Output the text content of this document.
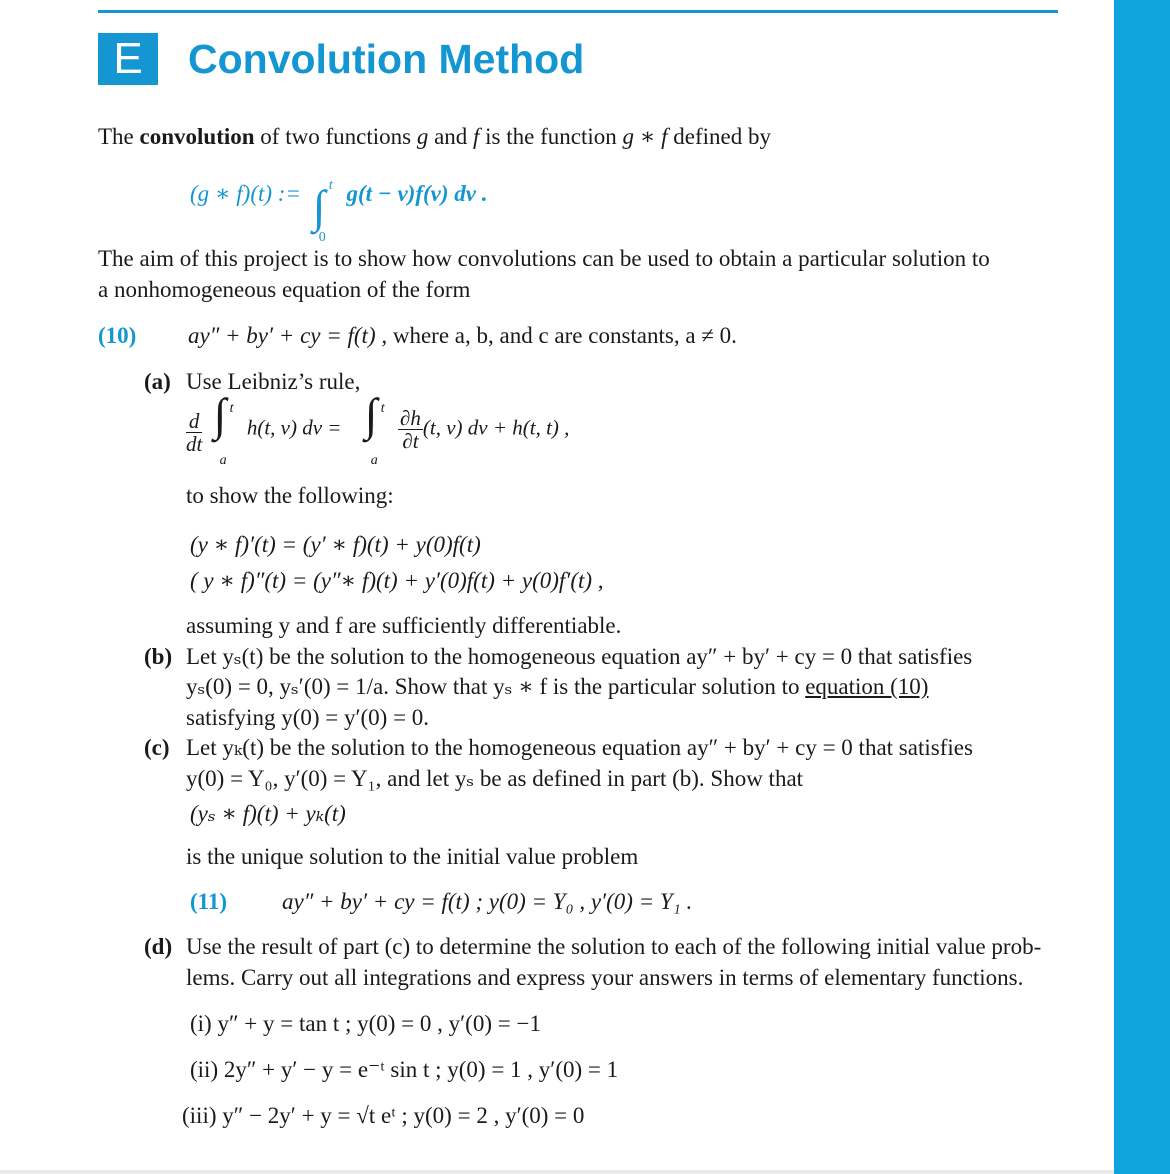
E	Convolution Method
The convolution of two functions g and f is the function g ∗ f defined by
(g ∗ f)(t) := ∫ t
0
g(t − v)f(v) dv .
The aim of this project is to show how convolutions can be used to obtain a particular solution to
a nonhomogeneous equation of the form
(10) ay″ + by′ + cy = f(t) , where a, b, and c are constants, a ≠ 0.
(a) Use Leibniz’s rule,
$\frac{d}{dt}$
∫ t
a
h(t, v) dv = ∫ t
a

$\frac{\partial h}{\partial t} (t$, v) dv + h(t, t) ,
to show the following:
(y ∗ f)′(t) = (y′ ∗ f)(t) + y(0)f(t)
( y ∗ f)″(t) = (y″∗ f)(t) + y′(0)f(t) + y(0)f′(t) ,
assuming y and f are sufficiently differentiable.
(b) Let yₛ(t) be the solution to the homogeneous equation ay″ + by′ + cy = 0 that satisfies
yₛ(0) = 0, yₛ′(0) = 1/a. Show that yₛ ∗ f is the particular solution to equation (10)
satisfying y(0) = y′(0) = 0.
(c) Let yₖ(t) be the solution to the homogeneous equation ay″ + by′ + cy = 0 that satisfies
y(0) = Y₀, y′(0) = Y₁, and let yₛ be as defined in part (b). Show that
(yₛ ∗ f)(t) + yₖ(t)
is the unique solution to the initial value problem
(11) ay″ + by′ + cy = f(t) ; y(0) = Y₀ , y′(0) = Y₁ .
(d) Use the result of part (c) to determine the solution to each of the following initial value prob-
lems. Carry out all integrations and express your answers in terms of elementary functions.
(i) y″ + y = tan t ; y(0) = 0 , y′(0) = −1
(ii) 2y″ + y′ − y = e⁻ᵗ sin t ; y(0) = 1 , y′(0) = 1
(iii) y″ − 2y′ + y = √t eᵗ ; y(0) = 2 , y′(0) = 0
